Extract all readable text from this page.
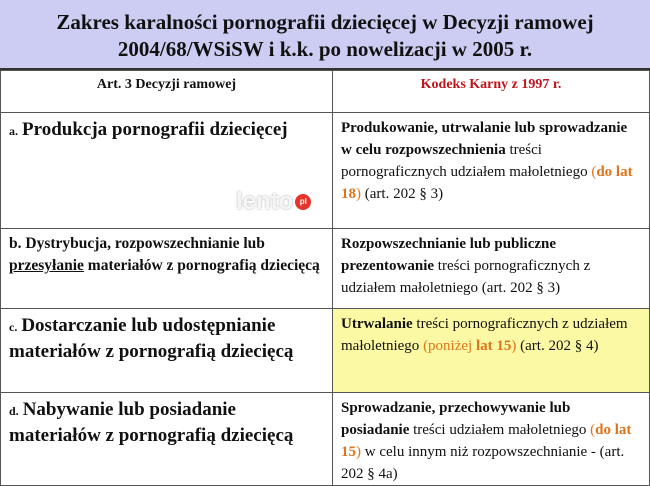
Zakres karalności pornografii dziecięcej w Decyzji ramowej
2004/68/WSiSW i k.k. po nowelizacji w 2005 r.
Art. 3 Decyzji ramowej	Kodeks Karny z 1997 r.
a. Produkcja pornografii dziecięcej	Produkowanie, utrwalanie lub sprowadzanie w celu rozpowszechnienia treści pornograficznych udziałem małoletniego (do lat 18) (art. 202 § 3)
b. Dystrybucja, rozpowszechnianie lub przesyłanie materiałów z pornografią dziecięcą	Rozpowszechnianie lub publiczne prezentowanie treści pornograficznych z udziałem małoletniego (art. 202 § 3)
c. Dostarczanie lub udostępnianie materiałów z pornografią dziecięcą	Utrwalanie treści pornograficznych z udziałem małoletniego (poniżej lat 15) (art. 202 § 4)
d. Nabywanie lub posiadanie materiałów z pornografią dziecięcą	Sprowadzanie, przechowywanie lub posiadanie treści udziałem małoletniego (do lat 15) w celu innym niż rozpowszechnianie - (art. 202 § 4a)
lento pl
